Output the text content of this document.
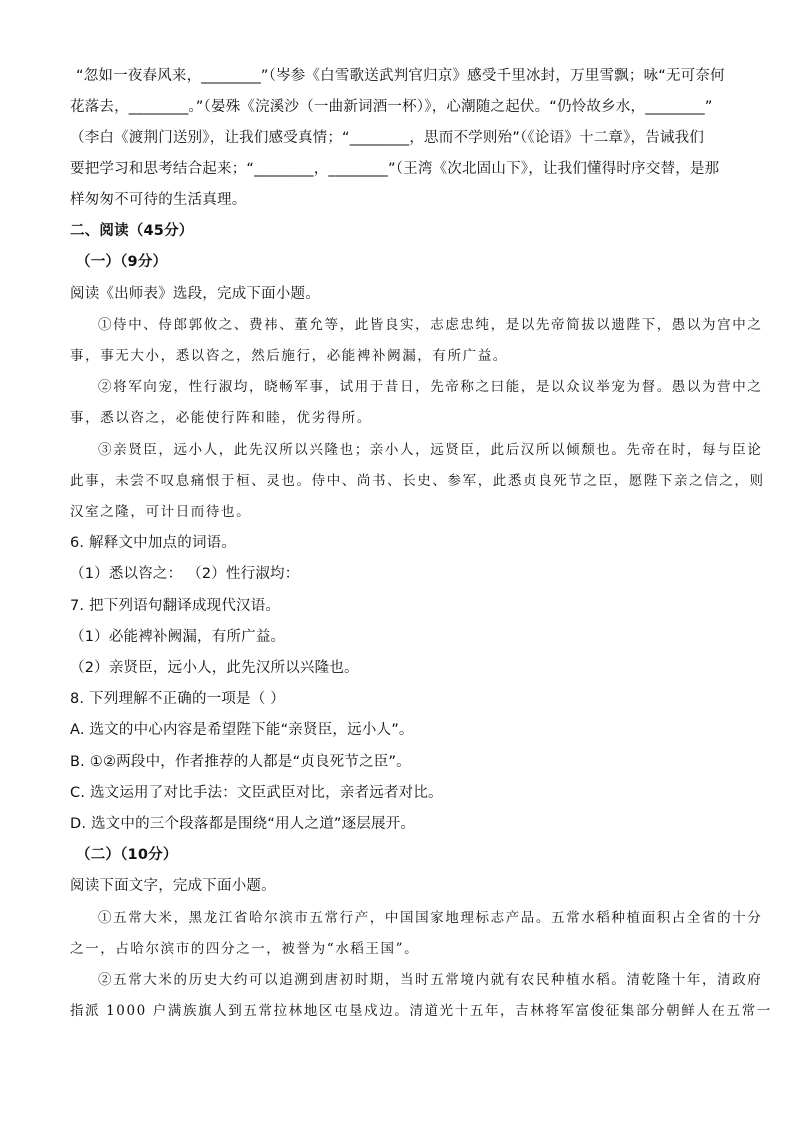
“忽如一夜春风来，________”（岑参《白雪歌送武判官归京》感受千里冰封，万里雪飘；咏“无可奈何
花落去，________。”（晏殊《浣溪沙（一曲新词酒一杯）》，心潮随之起伏。“仍怜故乡水，________”
（李白《渡荆门送别》，让我们感受真情；“________，思而不学则殆”（《论语》十二章》，告诫我们
要把学习和思考结合起来；“________，________”（王湾《次北固山下》，让我们懂得时序交替，是那
样匆匆不可待的生活真理。
二、阅读（45分）
（一）（9分）
阅读《出师表》选段，完成下面小题。
①侍中、侍郎郭攸之、费祎、董允等，此皆良实，志虑忠纯，是以先帝简拔以遗陛下，愚以为宫中之
事，事无大小，悉以咨之，然后施行，必能裨补阙漏，有所广益。
②将军向宠，性行淑均，晓畅军事，试用于昔日，先帝称之曰能，是以众议举宠为督。愚以为营中之
事，悉以咨之，必能使行阵和睦，优劣得所。
③亲贤臣，远小人，此先汉所以兴隆也；亲小人，远贤臣，此后汉所以倾颓也。先帝在时，每与臣论
此事，未尝不叹息痛恨于桓、灵也。侍中、尚书、长史、参军，此悉贞良死节之臣，愿陛下亲之信之，则
汉室之隆，可计日而待也。
6. 解释文中加点的词语。
（1）悉以咨之： （2）性行淑均：
7. 把下列语句翻译成现代汉语。
（1）必能裨补阙漏，有所广益。
（2）亲贤臣，远小人，此先汉所以兴隆也。
8. 下列理解不正确的一项是（ ）
A. 选文的中心内容是希望陛下能“亲贤臣，远小人”。
B. ①②两段中，作者推荐的人都是“贞良死节之臣”。
C. 选文运用了对比手法：文臣武臣对比，亲者远者对比。
D. 选文中的三个段落都是围绕“用人之道”逐层展开。
（二）（10分）
阅读下面文字，完成下面小题。
①五常大米，黑龙江省哈尔滨市五常行产，中国国家地理标志产品。五常水稻种植面积占全省的十分
之一，占哈尔滨市的四分之一，被誉为“水稻王国”。
②五常大米的历史大约可以追溯到唐初时期，当时五常境内就有农民种植水稻。清乾隆十年，清政府
指派 1000 户满族旗人到五常拉林地区屯垦戍边。清道光十五年，吉林将军富俊征集部分朝鲜人在五常一
